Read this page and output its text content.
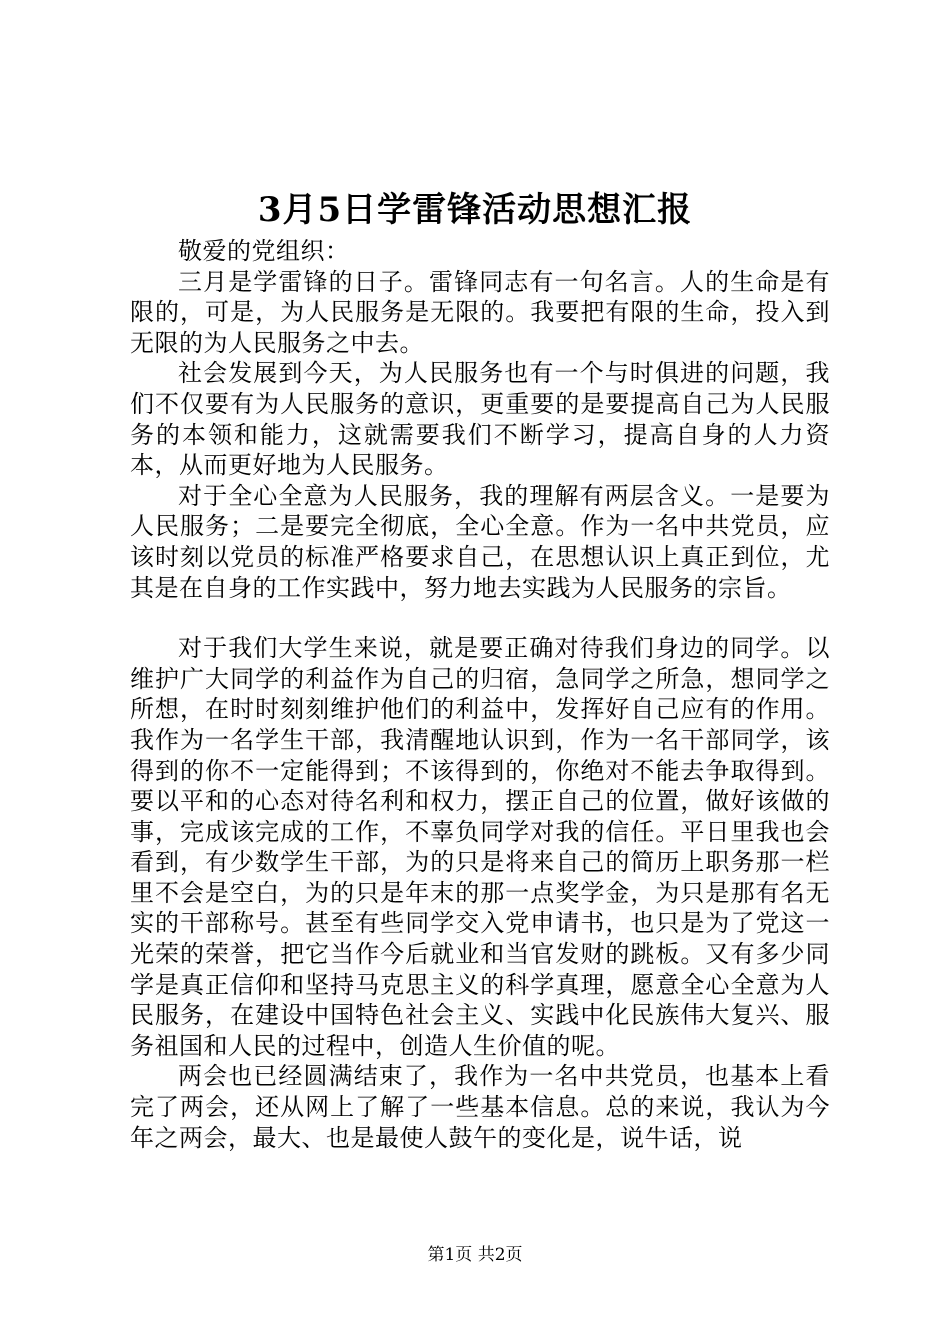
3月5日学雷锋活动思想汇报

敬爱的党组织：

三月是学雷锋的日子。雷锋同志有一句名言。人的生命是有限的，可是，为人民服务是无限的。我要把有限的生命，投入到无限的为人民服务之中去。

社会发展到今天，为人民服务也有一个与时俱进的问题，我们不仅要有为人民服务的意识，更重要的是要提高自己为人民服务的本领和能力，这就需要我们不断学习，提高自身的人力资本，从而更好地为人民服务。

对于全心全意为人民服务，我的理解有两层含义。一是要为人民服务；二是要完全彻底，全心全意。作为一名中共党员，应该时刻以党员的标准严格要求自己，在思想认识上真正到位，尤其是在自身的工作实践中，努力地去实践为人民服务的宗旨。

对于我们大学生来说，就是要正确对待我们身边的同学。以维护广大同学的利益作为自己的归宿，急同学之所急，想同学之所想，在时时刻刻维护他们的利益中，发挥好自己应有的作用。我作为一名学生干部，我清醒地认识到，作为一名干部同学，该得到的你不一定能得到；不该得到的，你绝对不能去争取得到。要以平和的心态对待名利和权力，摆正自己的位置，做好该做的事，完成该完成的工作，不辜负同学对我的信任。平日里我也会看到，有少数学生干部，为的只是将来自己的简历上职务那一栏里不会是空白，为的只是年末的那一点奖学金，为只是那有名无实的干部称号。甚至有些同学交入党申请书，也只是为了党这一光荣的荣誉，把它当作今后就业和当官发财的跳板。又有多少同学是真正信仰和坚持马克思主义的科学真理，愿意全心全意为人民服务，在建设中国特色社会主义、实践中化民族伟大复兴、服务祖国和人民的过程中，创造人生价值的呢。

两会也已经圆满结束了，我作为一名中共党员，也基本上看完了两会，还从网上了解了一些基本信息。总的来说，我认为今年之两会，最大、也是最使人鼓午的变化是，说牛话，说

第1页 共2页
